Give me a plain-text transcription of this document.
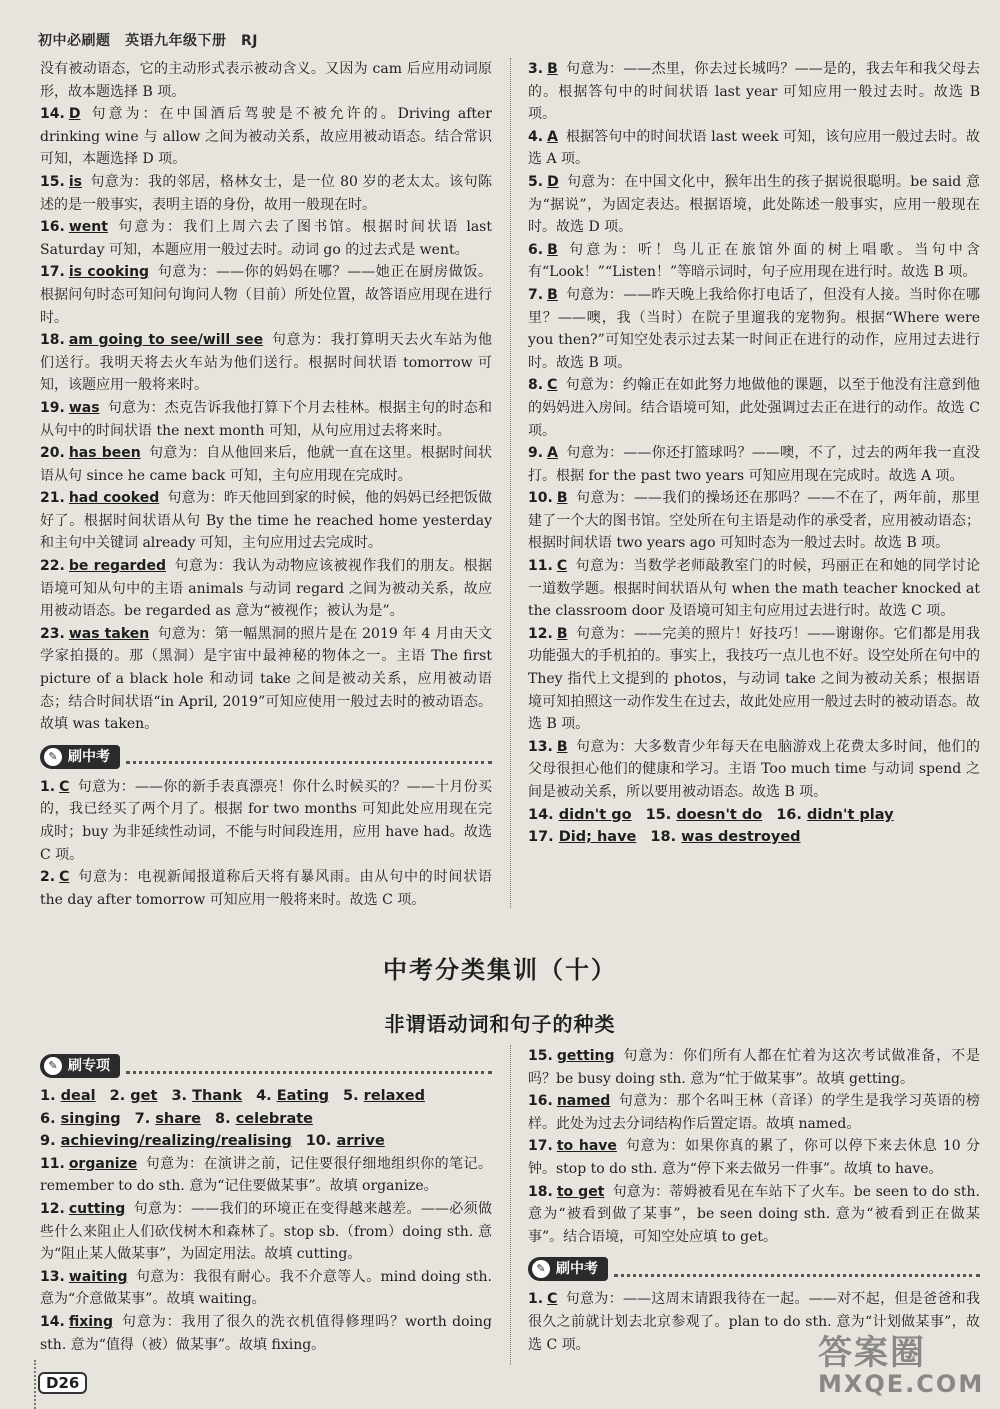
初中必刷题　英语九年级下册　RJ

没有被动语态，它的主动形式表示被动含义。又因为 cam 后应用动词原形，故本题选择 B 项。

14. D 句意为：在中国酒后驾驶是不被允许的。Driving after drinking wine 与 allow 之间为被动关系，故应用被动语态。结合常识可知，本题选择 D 项。

15. is 句意为：我的邻居，格林女士，是一位 80 岁的老太太。该句陈述的是一般事实，表明主语的身份，故用一般现在时。

16. went 句意为：我们上周六去了图书馆。根据时间状语 last Saturday 可知，本题应用一般过去时。动词 go 的过去式是 went。

17. is cooking 句意为：——你的妈妈在哪？——她正在厨房做饭。根据问句时态可知问句询问人物（目前）所处位置，故答语应用现在进行时。

18. am going to see/will see 句意为：我打算明天去火车站为他们送行。我明天将去火车站为他们送行。根据时间状语 tomorrow 可知，该题应用一般将来时。

19. was 句意为：杰克告诉我他打算下个月去桂林。根据主句的时态和从句中的时间状语 the next month 可知，从句应用过去将来时。

20. has been 句意为：自从他回来后，他就一直在这里。根据时间状语从句 since he came back 可知，主句应用现在完成时。

21. had cooked 句意为：昨天他回到家的时候，他的妈妈已经把饭做好了。根据时间状语从句 By the time he reached home yesterday 和主句中关键词 already 可知，主句应用过去完成时。

22. be regarded 句意为：我认为动物应该被视作我们的朋友。根据语境可知从句中的主语 animals 与动词 regard 之间为被动关系，故应用被动语态。be regarded as 意为“被视作；被认为是”。

23. was taken 句意为：第一幅黑洞的照片是在 2019 年 4 月由天文学家拍摄的。那（黑洞）是宇宙中最神秘的物体之一。主语 The first picture of a black hole 和动词 take 之间是被动关系，应用被动语态；结合时间状语“in April, 2019”可知应使用一般过去时的被动语态。故填 was taken。

✎ 刷中考

1. C 句意为：——你的新手表真漂亮！你什么时候买的？——十月份买的，我已经买了两个月了。根据 for two months 可知此处应用现在完成时；buy 为非延续性动词，不能与时间段连用，应用 have had。故选 C 项。

2. C 句意为：电视新闻报道称后天将有暴风雨。由从句中的时间状语 the day after tomorrow 可知应用一般将来时。故选 C 项。

3. B 句意为：——杰里，你去过长城吗？——是的，我去年和我父母去的。根据答句中的时间状语 last year 可知应用一般过去时。故选 B 项。

4. A 根据答句中的时间状语 last week 可知，该句应用一般过去时。故选 A 项。

5. D 句意为：在中国文化中，猴年出生的孩子据说很聪明。be said 意为“据说”，为固定表达。根据语境，此处陈述一般事实，应用一般现在时。故选 D 项。

6. B 句意为：听！鸟儿正在旅馆外面的树上唱歌。当句中含有“Look！”“Listen！”等暗示词时，句子应用现在进行时。故选 B 项。

7. B 句意为：——昨天晚上我给你打电话了，但没有人接。当时你在哪里？——噢，我（当时）在院子里遛我的宠物狗。根据“Where were you then?”可知空处表示过去某一时间正在进行的动作，应用过去进行时。故选 B 项。

8. C 句意为：约翰正在如此努力地做他的课题，以至于他没有注意到他的妈妈进入房间。结合语境可知，此处强调过去正在进行的动作。故选 C 项。

9. A 句意为：——你还打篮球吗？——噢，不了，过去的两年我一直没打。根据 for the past two years 可知应用现在完成时。故选 A 项。

10. B 句意为：——我们的操场还在那吗？——不在了，两年前，那里建了一个大的图书馆。空处所在句主语是动作的承受者，应用被动语态；根据时间状语 two years ago 可知时态为一般过去时。故选 B 项。

11. C 句意为：当数学老师敲教室门的时候，玛丽正在和她的同学讨论一道数学题。根据时间状语从句 when the math teacher knocked at the classroom door 及语境可知主句应用过去进行时。故选 C 项。

12. B 句意为：——完美的照片！好技巧！——谢谢你。它们都是用我功能强大的手机拍的。事实上，我技巧一点儿也不好。设空处所在句中的 They 指代上文提到的 photos，与动词 take 之间为被动关系；根据语境可知拍照这一动作发生在过去，故此处应用一般过去时的被动语态。故选 B 项。

13. B 句意为：大多数青少年每天在电脑游戏上花费太多时间，他们的父母很担心他们的健康和学习。主语 Too much time 与动词 spend 之间是被动关系，所以要用被动语态。故选 B 项。

14. didn't go 15. doesn't do 16. didn't play

17. Did; have 18. was destroyed

中考分类集训（十）
非谓语动词和句子的种类
✎ 刷专项

1. deal 2. get 3. Thank 4. Eating 5. relaxed

6. singing 7. share 8. celebrate

9. achieving/realizing/realising 10. arrive

11. organize 句意为：在演讲之前，记住要很仔细地组织你的笔记。remember to do sth. 意为“记住要做某事”。故填 organize。

12. cutting 句意为：——我们的环境正在变得越来越差。——必须做些什么来阻止人们砍伐树木和森林了。stop sb.（from）doing sth. 意为“阻止某人做某事”，为固定用法。故填 cutting。

13. waiting 句意为：我很有耐心。我不介意等人。mind doing sth. 意为“介意做某事”。故填 waiting。

14. fixing 句意为：我用了很久的洗衣机值得修理吗？worth doing sth. 意为“值得（被）做某事”。故填 fixing。

15. getting 句意为：你们所有人都在忙着为这次考试做准备，不是吗？be busy doing sth. 意为“忙于做某事”。故填 getting。

16. named 句意为：那个名叫王林（音译）的学生是我学习英语的榜样。此处为过去分词结构作后置定语。故填 named。

17. to have 句意为：如果你真的累了，你可以停下来去休息 10 分钟。stop to do sth. 意为“停下来去做另一件事”。故填 to have。

18. to get 句意为：蒂姆被看见在车站下了火车。be seen to do sth. 意为“被看到做了某事”，be seen doing sth. 意为“被看到正在做某事”。结合语境，可知空处应填 to get。

✎ 刷中考

1. C 句意为：——这周末请跟我待在一起。——对不起，但是爸爸和我很久之前就计划去北京参观了。plan to do sth. 意为“计划做某事”，故选 C 项。

D26
答案圈
MXQE.COM
